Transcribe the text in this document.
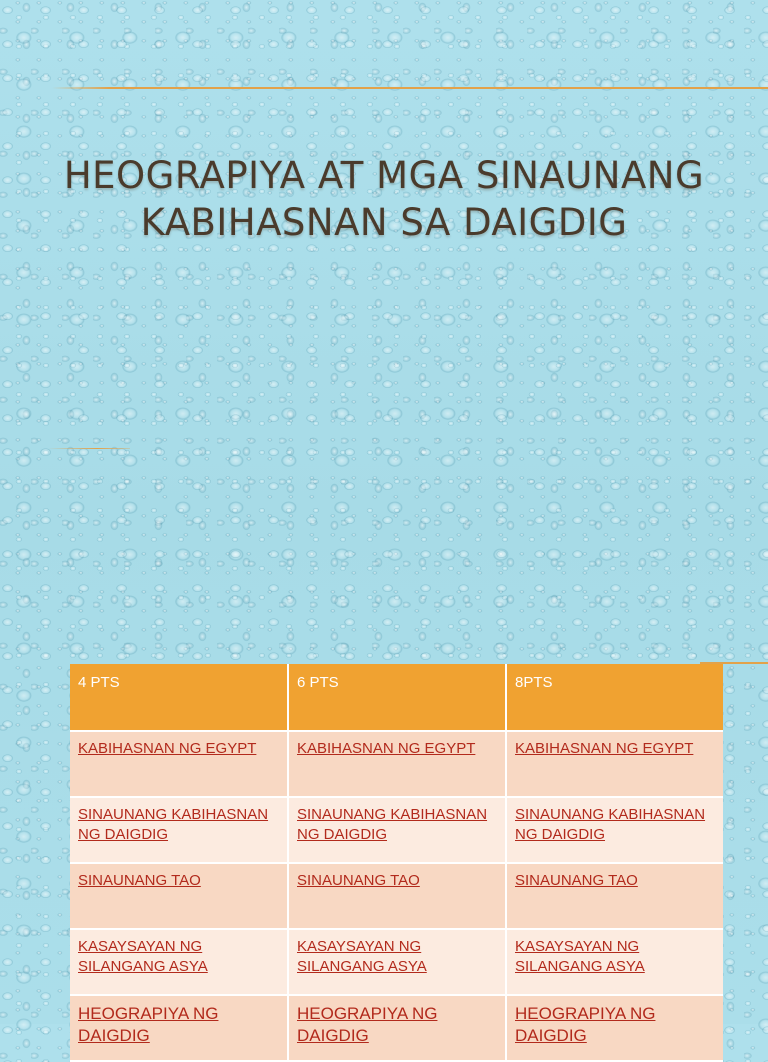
HEOGRAPIYA AT MGA SINAUNANG
KABIHASNAN SA DAIGDIG
4 PTS	6 PTS	8PTS
KABIHASNAN NG EGYPT	KABIHASNAN NG EGYPT	KABIHASNAN NG EGYPT
SINAUNANG KABIHASNAN NG DAIGDIG	SINAUNANG KABIHASNAN NG DAIGDIG	SINAUNANG KABIHASNAN NG DAIGDIG
SINAUNANG TAO	SINAUNANG TAO	SINAUNANG TAO
KASAYSAYAN NG SILANGANG ASYA	KASAYSAYAN NG SILANGANG ASYA	KASAYSAYAN NG SILANGANG ASYA
HEOGRAPIYA NG DAIGDIG	HEOGRAPIYA NG DAIGDIG	HEOGRAPIYA NG DAIGDIG
